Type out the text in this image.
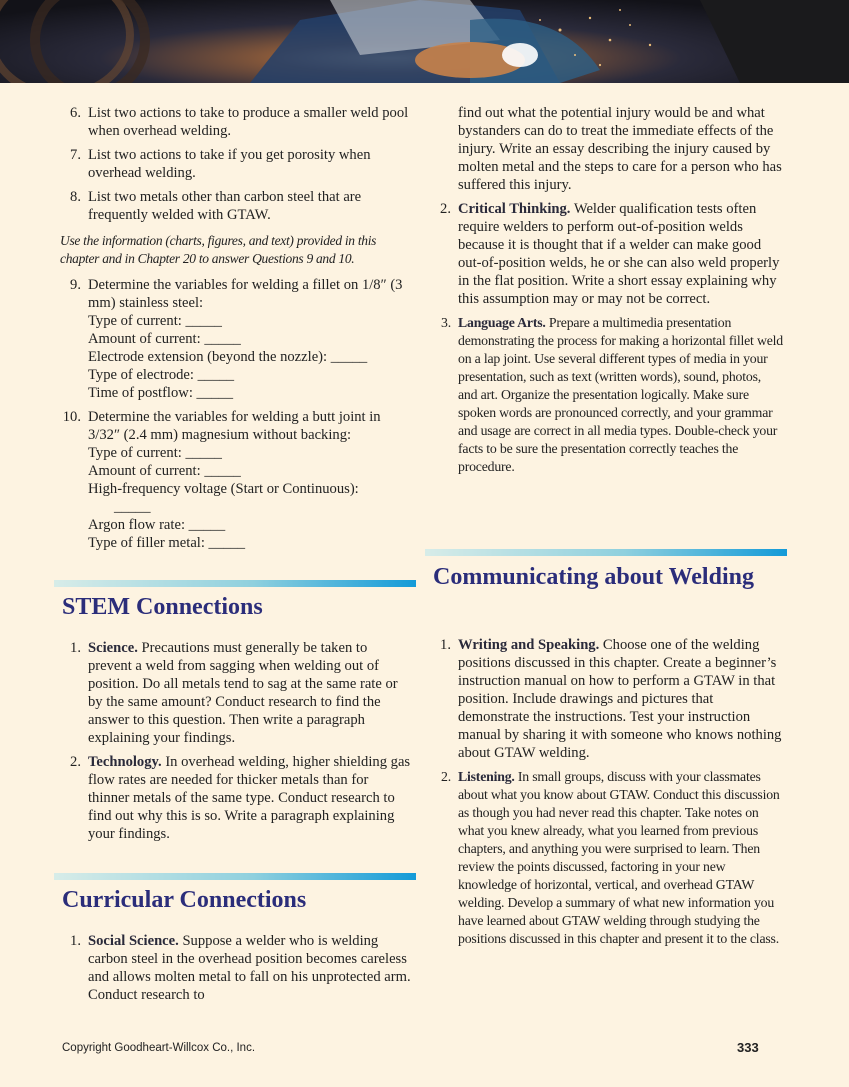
6. List two actions to take to produce a smaller weld pool when overhead welding.
7. List two actions to take if you get porosity when overhead welding.
8. List two metals other than carbon steel that are frequently welded with GTAW.
Use the information (charts, figures, and text) provided in this chapter and in Chapter 20 to answer Questions 9 and 10.
9. Determine the variables for welding a fillet on 1/8″ (3 mm) stainless steel:
Type of current: _____
Amount of current: _____
Electrode extension (beyond the nozzle): _____
Type of electrode: _____
Time of postflow: _____
10. Determine the variables for welding a butt joint in 3/32″ (2.4 mm) magnesium without backing:
Type of current: _____
Amount of current: _____
High-frequency voltage (Start or Continuous):
_____
Argon flow rate: _____
Type of filler metal: _____
STEM Connections
1. Science. Precautions must generally be taken to prevent a weld from sagging when welding out of position. Do all metals tend to sag at the same rate or by the same amount? Conduct research to find the answer to this question. Then write a paragraph explaining your findings.
2. Technology. In overhead welding, higher shielding gas flow rates are needed for thicker metals than for thinner metals of the same type. Conduct research to find out why this is so. Write a paragraph explaining your findings.
Curricular Connections
1. Social Science. Suppose a welder who is welding carbon steel in the overhead position becomes careless and allows molten metal to fall on his unprotected arm. Conduct research to
find out what the potential injury would be and what bystanders can do to treat the immediate effects of the injury. Write an essay describing the injury caused by molten metal and the steps to care for a person who has suffered this injury.
2. Critical Thinking. Welder qualification tests often require welders to perform out-of-position welds because it is thought that if a welder can make good out-of-position welds, he or she can also weld properly in the flat position. Write a short essay explaining why this assumption may or may not be correct.
3. Language Arts. Prepare a multimedia presentation demonstrating the process for making a horizontal fillet weld on a lap joint. Use several different types of media in your presentation, such as text (written words), sound, photos, and art. Organize the presentation logically. Make sure spoken words are pronounced correctly, and your grammar and usage are correct in all media types. Double-check your facts to be sure the presentation correctly teaches the procedure.
Communicating about Welding
1. Writing and Speaking. Choose one of the welding positions discussed in this chapter. Create a beginner’s instruction manual on how to perform a GTAW in that position. Include drawings and pictures that demonstrate the instructions. Test your instruction manual by sharing it with someone who knows nothing about GTAW welding.
2. Listening. In small groups, discuss with your classmates about what you know about GTAW. Conduct this discussion as though you had never read this chapter. Take notes on what you knew already, what you learned from previous chapters, and anything you were surprised to learn. Then review the points discussed, factoring in your new knowledge of horizontal, vertical, and overhead GTAW welding. Develop a summary of what new information you have learned about GTAW welding through studying the positions discussed in this chapter and present it to the class.
Copyright Goodheart-Willcox Co., Inc.	333
